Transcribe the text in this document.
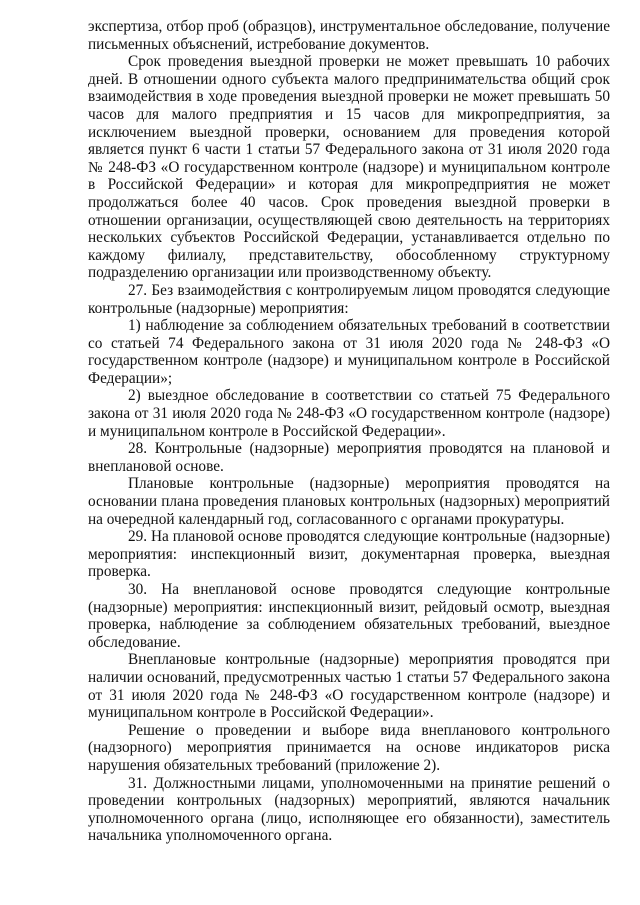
экспертиза, отбор проб (образцов), инструментальное обследование, получение письменных объяснений, истребование документов.

Срок проведения выездной проверки не может превышать 10 рабочих дней. В отношении одного субъекта малого предпринимательства общий срок взаимодействия в ходе проведения выездной проверки не может превышать 50 часов для малого предприятия и 15 часов для микропредприятия, за исключением выездной проверки, основанием для проведения которой является пункт 6 части 1 статьи 57 Федерального закона от 31 июля 2020 года № 248-ФЗ «О государственном контроле (надзоре) и муниципальном контроле в Российской Федерации» и которая для микропредприятия не может продолжаться более 40 часов. Срок проведения выездной проверки в отношении организации, осуществляющей свою деятельность на территориях нескольких субъектов Российской Федерации, устанавливается отдельно по каждому филиалу, представительству, обособленному структурному подразделению организации или производственному объекту.

27. Без взаимодействия с контролируемым лицом проводятся следующие контрольные (надзорные) мероприятия:

1) наблюдение за соблюдением обязательных требований в соответствии со статьей 74 Федерального закона от 31 июля 2020 года № 248-ФЗ «О государственном контроле (надзоре) и муниципальном контроле в Российской Федерации»;

2) выездное обследование в соответствии со статьей 75 Федерального закона от 31 июля 2020 года № 248-ФЗ «О государственном контроле (надзоре) и муниципальном контроле в Российской Федерации».

28. Контрольные (надзорные) мероприятия проводятся на плановой и внеплановой основе.

Плановые контрольные (надзорные) мероприятия проводятся на основании плана проведения плановых контрольных (надзорных) мероприятий на очередной календарный год, согласованного с органами прокуратуры.

29. На плановой основе проводятся следующие контрольные (надзорные) мероприятия: инспекционный визит, документарная проверка, выездная проверка.

30. На внеплановой основе проводятся следующие контрольные (надзорные) мероприятия: инспекционный визит, рейдовый осмотр, выездная проверка, наблюдение за соблюдением обязательных требований, выездное обследование.

Внеплановые контрольные (надзорные) мероприятия проводятся при наличии оснований, предусмотренных частью 1 статьи 57 Федерального закона от 31 июля 2020 года № 248-ФЗ «О государственном контроле (надзоре) и муниципальном контроле в Российской Федерации».

Решение о проведении и выборе вида внепланового контрольного (надзорного) мероприятия принимается на основе индикаторов риска нарушения обязательных требований (приложение 2).

31. Должностными лицами, уполномоченными на принятие решений о проведении контрольных (надзорных) мероприятий, являются начальник уполномоченного органа (лицо, исполняющее его обязанности), заместитель начальника уполномоченного органа.
